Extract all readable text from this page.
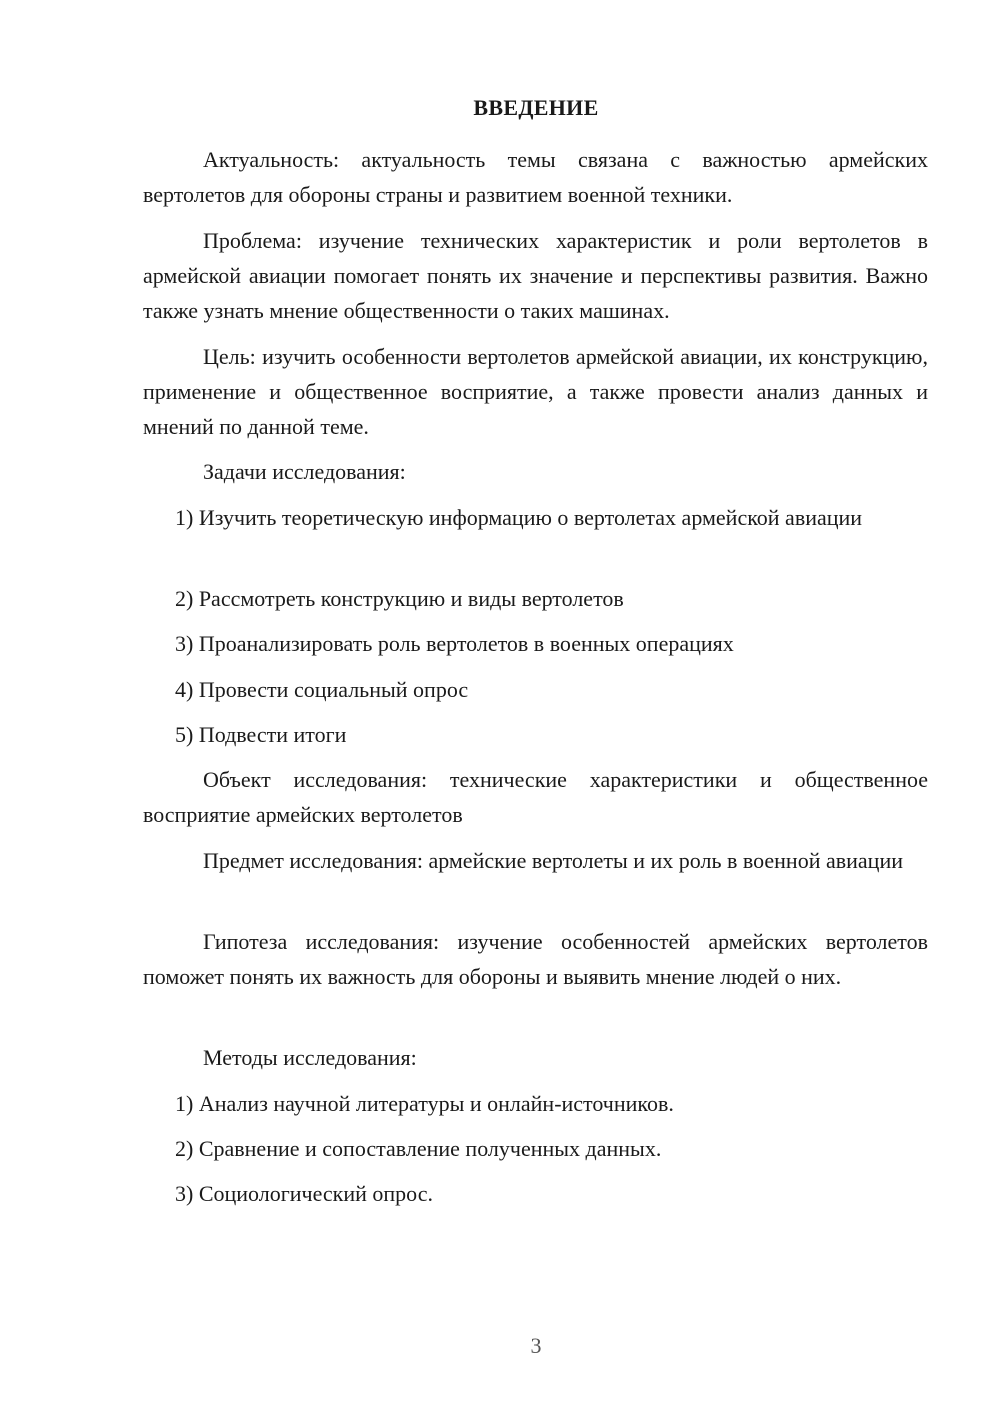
ВВЕДЕНИЕ

Актуальность: актуальность темы связана с важностью армейских вертолетов для обороны страны и развитием военной техники.

Проблема: изучение технических характеристик и роли вертолетов в армейской авиации помогает понять их значение и перспективы развития. Важно также узнать мнение общественности о таких машинах.

Цель: изучить особенности вертолетов армейской авиации, их конструкцию, применение и общественное восприятие, а также провести анализ данных и мнений по данной теме.

Задачи исследования:

1) Изучить теоретическую информацию о вертолетах армейской авиации

2) Рассмотреть конструкцию и виды вертолетов

3) Проанализировать роль вертолетов в военных операциях

4) Провести социальный опрос

5) Подвести итоги

Объект исследования: технические характеристики и общественное восприятие армейских вертолетов

Предмет исследования: армейские вертолеты и их роль в военной авиации

Гипотеза исследования: изучение особенностей армейских вертолетов поможет понять их важность для обороны и выявить мнение людей о них.

Методы исследования:

1) Анализ научной литературы и онлайн-источников.

2) Сравнение и сопоставление полученных данных.

3) Социологический опрос.

3
